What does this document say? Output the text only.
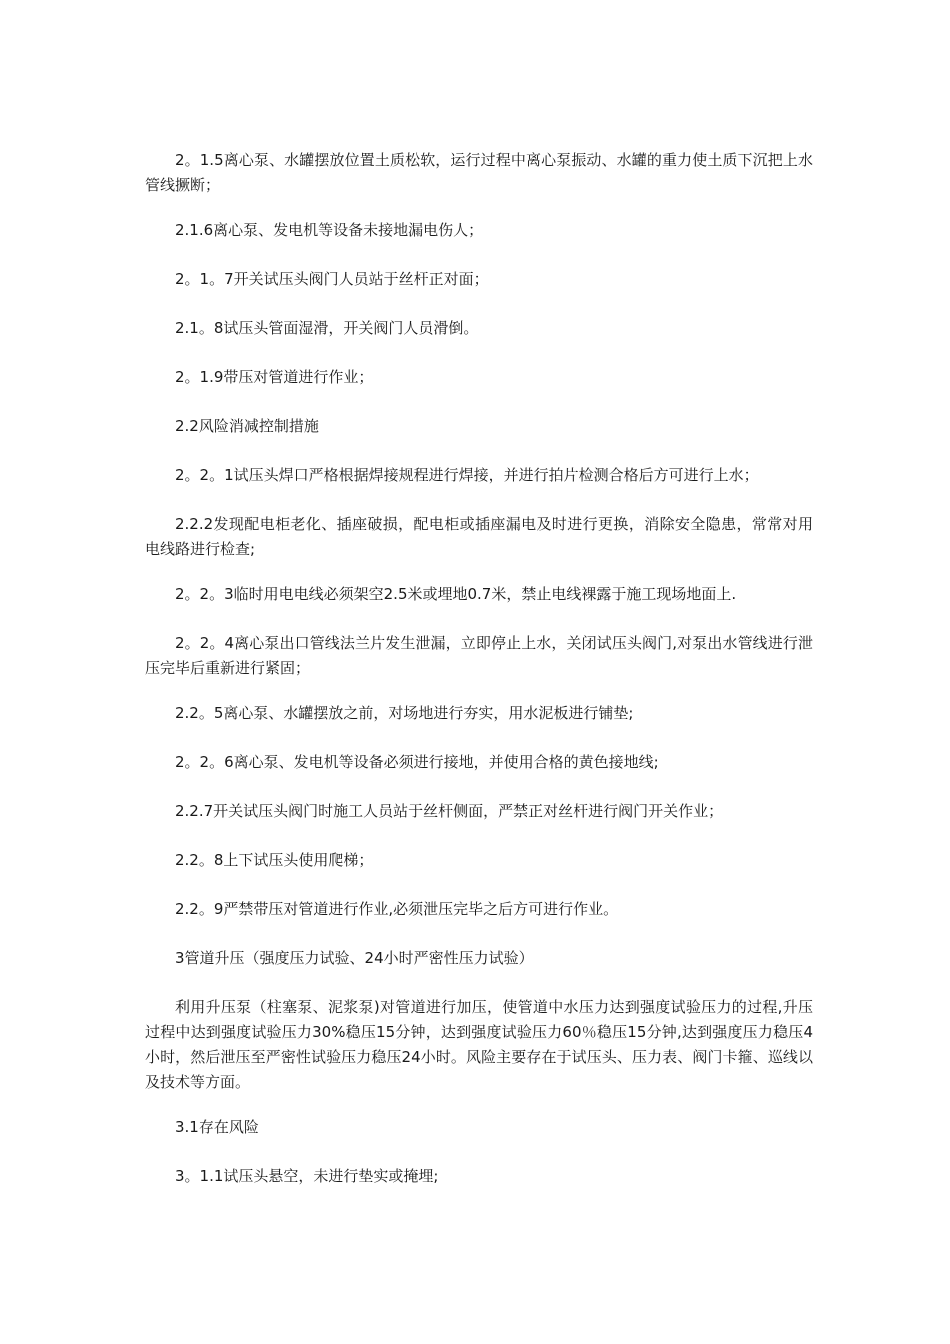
2。1.5离心泵、水罐摆放位置土质松软，运行过程中离心泵振动、水罐的重力使土质下沉把上水管线撅断；

2.1.6离心泵、发电机等设备未接地漏电伤人；

2。1。7开关试压头阀门人员站于丝杆正对面；

2.1。8试压头管面湿滑，开关阀门人员滑倒。

2。1.9带压对管道进行作业；

2.2风险消减控制措施

2。2。1试压头焊口严格根据焊接规程进行焊接，并进行拍片检测合格后方可进行上水；

2.2.2发现配电柜老化、插座破损，配电柜或插座漏电及时进行更换，消除安全隐患，常常对用电线路进行检查;

2。2。3临时用电电线必须架空2.5米或埋地0.7米，禁止电线裸露于施工现场地面上.

2。2。4离心泵出口管线法兰片发生泄漏，立即停止上水，关闭试压头阀门,对泵出水管线进行泄压完毕后重新进行紧固；

2.2。5离心泵、水罐摆放之前，对场地进行夯实，用水泥板进行铺垫;

2。2。6离心泵、发电机等设备必须进行接地，并使用合格的黄色接地线;

2.2.7开关试压头阀门时施工人员站于丝杆侧面，严禁正对丝杆进行阀门开关作业；

2.2。8上下试压头使用爬梯；

2.2。9严禁带压对管道进行作业,必须泄压完毕之后方可进行作业。

3管道升压（强度压力试验、24小时严密性压力试验）

利用升压泵（柱塞泵、泥浆泵)对管道进行加压，使管道中水压力达到强度试验压力的过程,升压过程中达到强度试验压力30%稳压15分钟，达到强度试验压力60％稳压15分钟,达到强度压力稳压4小时，然后泄压至严密性试验压力稳压24小时。风险主要存在于试压头、压力表、阀门卡箍、巡线以及技术等方面。

3.1存在风险

3。1.1试压头悬空，未进行垫实或掩埋;
